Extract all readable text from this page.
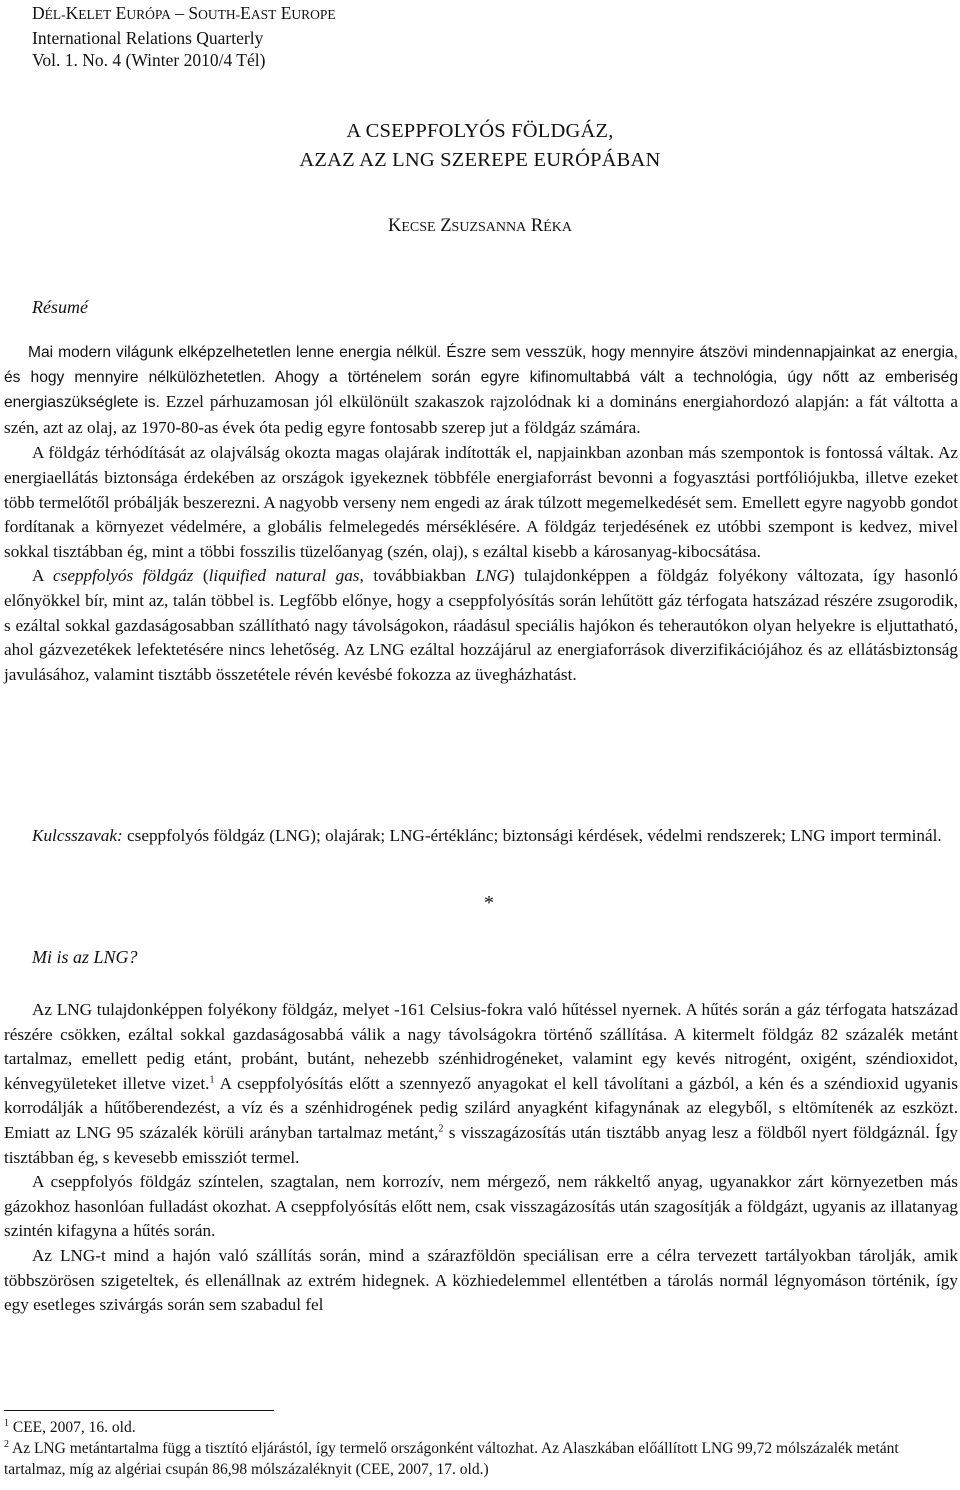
DÉL-KELET EURÓPA – SOUTH-EAST EUROPE
International Relations Quarterly
Vol. 1. No. 4 (Winter 2010/4 Tél)
A CSEPPFOLYÓS FÖLDGÁZ,
AZAZ AZ LNG SZEREPE EURÓPÁBAN
KECSE ZSUZSANNA RÉKA
Résumé

Mai modern világunk elképzelhetetlen lenne energia nélkül. Észre sem vesszük, hogy mennyire átszövi mindennapjainkat az energia, és hogy mennyire nélkülözhetetlen. Ahogy a történelem során egyre kifinomultabbá vált a technológia, úgy nőtt az emberiség energiaszükséglete is. Ezzel párhuzamosan jól elkülönült szakaszok rajzolódnak ki a domináns energiahordozó alapján: a fát váltotta a szén, azt az olaj, az 1970-80-as évek óta pedig egyre fontosabb szerep jut a földgáz számára.

A földgáz térhódítását az olajválság okozta magas olajárak indították el, napjainkban azonban más szempontok is fontossá váltak. Az energiaellátás biztonsága érdekében az országok igyekeznek többféle energiaforrást bevonni a fogyasztási portfóliójukba, illetve ezeket több termelőtől próbálják beszerezni. A nagyobb verseny nem engedi az árak túlzott megemelkedését sem. Emellett egyre nagyobb gondot fordítanak a környezet védelmére, a globális felmelegedés mérséklésére. A földgáz terjedésének ez utóbbi szempont is kedvez, mivel sokkal tisztábban ég, mint a többi fosszilis tüzelőanyag (szén, olaj), s ezáltal kisebb a károsanyag-kibocsátása.

A cseppfolyós földgáz (liquified natural gas, továbbiakban LNG) tulajdonképpen a földgáz folyékony változata, így hasonló előnyökkel bír, mint az, talán többel is. Legfőbb előnye, hogy a cseppfolyósítás során lehűtött gáz térfogata hatszázad részére zsugorodik, s ezáltal sokkal gazdaságosabban szállítható nagy távolságokon, ráadásul speciális hajókon és teherautókon olyan helyekre is eljuttatható, ahol gázvezetékek lefektetésére nincs lehetőség. Az LNG ezáltal hozzájárul az energiaforrások diverzifikációjához és az ellátásbiztonság javulásához, valamint tisztább összetétele révén kevésbé fokozza az üvegházhatást.

Kulcsszavak: cseppfolyós földgáz (LNG); olajárak; LNG-értéklánc; biztonsági kérdések, védelmi rendszerek; LNG import terminál.
*
Mi is az LNG?

Az LNG tulajdonképpen folyékony földgáz, melyet -161 Celsius-fokra való hűtéssel nyernek. A hűtés során a gáz térfogata hatszázad részére csökken, ezáltal sokkal gazdaságosabbá válik a nagy távolságokra történő szállítása. A kitermelt földgáz 82 százalék metánt tartalmaz, emellett pedig etánt, probánt, butánt, nehezebb szénhidrogéneket, valamint egy kevés nitrogént, oxigént, széndioxidot, kénvegyületeket illetve vizet.$^1$ A cseppfolyósítás előtt a szennyező anyagokat el kell távolítani a gázból, a kén és a széndioxid ugyanis korrodálják a hűtőberendezést, a víz és a szénhidrogének pedig szilárd anyagként kifagynának az elegyből, s eltömítenék az eszközt. Emiatt az LNG 95 százalék körüli arányban tartalmaz metánt,$^2$ s visszagázosítás után tisztább anyag lesz a földből nyert földgáznál. Így tisztábban ég, s kevesebb emissziót termel.

A cseppfolyós földgáz színtelen, szagtalan, nem korrozív, nem mérgező, nem rákkeltő anyag, ugyanakkor zárt környezetben más gázokhoz hasonlóan fulladást okozhat. A cseppfolyósítás előtt nem, csak visszagázosítás után szagosítják a földgázt, ugyanis az illatanyag szintén kifagyna a hűtés során.

Az LNG-t mind a hajón való szállítás során, mind a szárazföldön speciálisan erre a célra tervezett tartályokban tárolják, amik többszörösen szigeteltek, és ellenállnak az extrém hidegnek. A közhiedelemmel ellentétben a tárolás normál légnyomáson történik, így egy esetleges szivárgás során sem szabadul fel

$^1$ CEE, 2007, 16. old.

$^2$ Az LNG metántartalma függ a tisztító eljárástól, így termelő országonként változhat. Az Alaszkában előállított LNG 99,72 mólszázalék metánt tartalmaz, míg az algériai csupán 86,98 mólszázaléknyit (CEE, 2007, 17. old.)
